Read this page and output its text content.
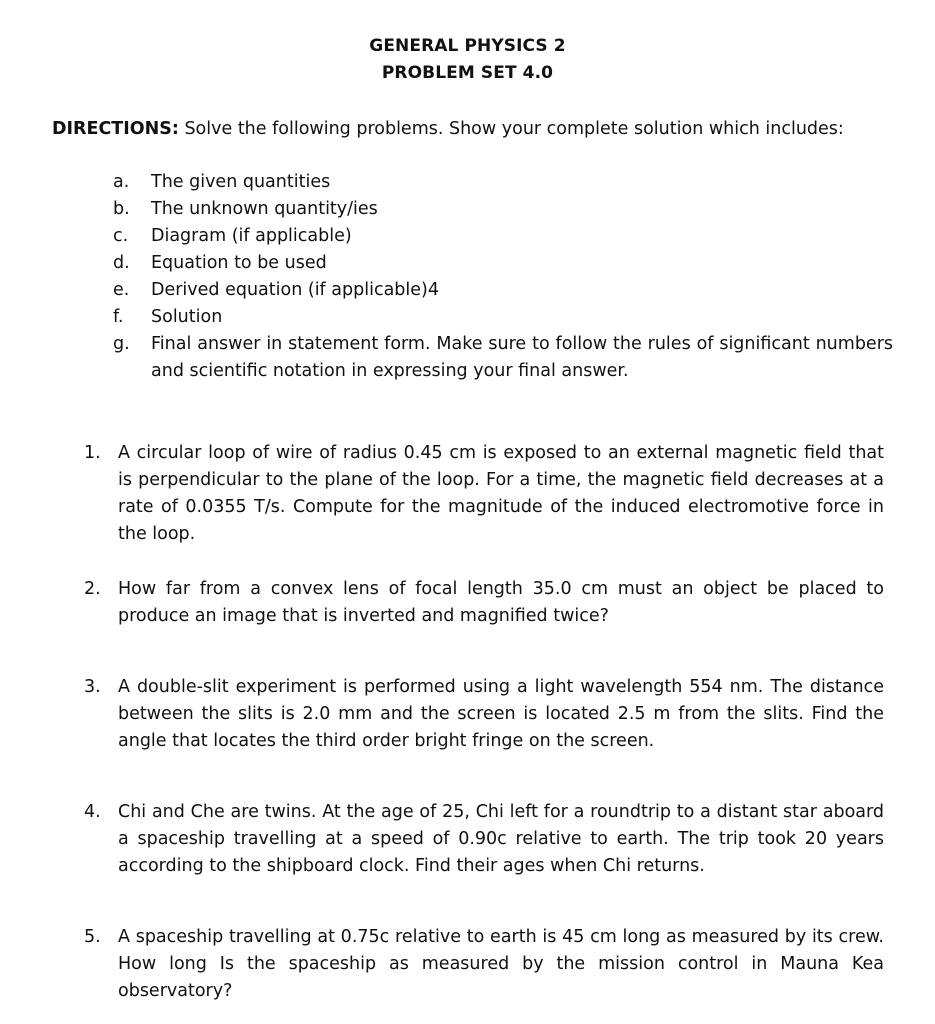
GENERAL PHYSICS 2
PROBLEM SET 4.0
DIRECTIONS: Solve the following problems. Show your complete solution which includes:
a. The given quantities
b. The unknown quantity/ies
c. Diagram (if applicable)
d. Equation to be used
e. Derived equation (if applicable)4
f. Solution
g. Final answer in statement form. Make sure to follow the rules of significant numbers and scientific notation in expressing your final answer.
1. A circular loop of wire of radius 0.45 cm is exposed to an external magnetic field that is perpendicular to the plane of the loop. For a time, the magnetic field decreases at a rate of 0.0355 T/s. Compute for the magnitude of the induced electromotive force in the loop.
2. How far from a convex lens of focal length 35.0 cm must an object be placed to produce an image that is inverted and magnified twice?
3. A double-slit experiment is performed using a light wavelength 554 nm. The distance between the slits is 2.0 mm and the screen is located 2.5 m from the slits. Find the angle that locates the third order bright fringe on the screen.
4. Chi and Che are twins. At the age of 25, Chi left for a roundtrip to a distant star aboard a spaceship travelling at a speed of 0.90c relative to earth. The trip took 20 years according to the shipboard clock. Find their ages when Chi returns.
5. A spaceship travelling at 0.75c relative to earth is 45 cm long as measured by its crew. How long Is the spaceship as measured by the mission control in Mauna Kea observatory?
